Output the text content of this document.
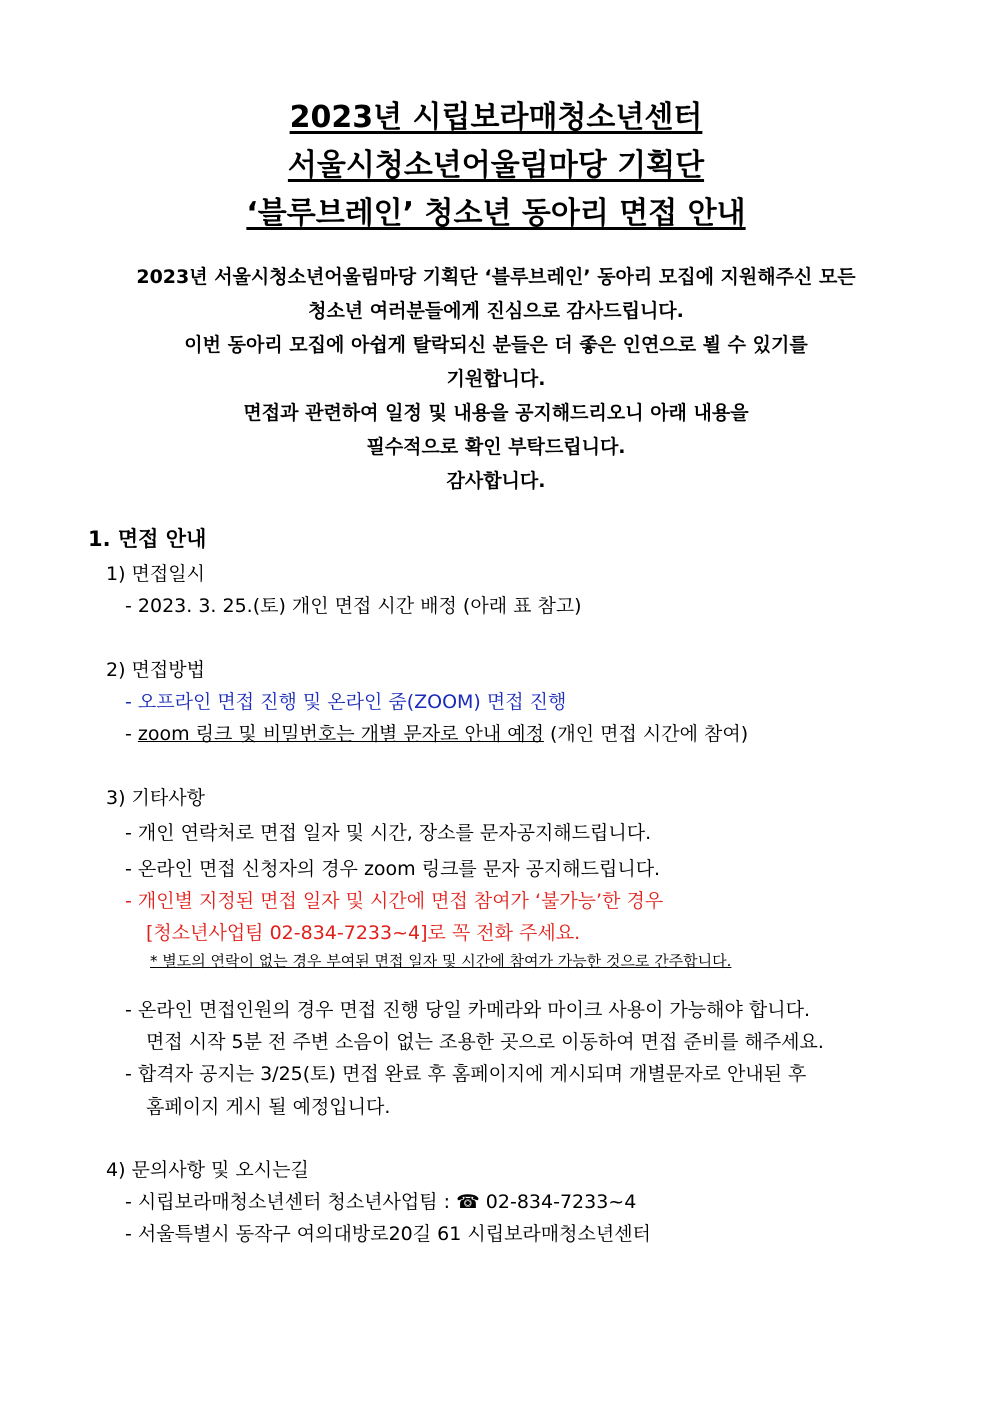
2023년 시립보라매청소년센터
서울시청소년어울림마당 기획단
‘블루브레인’ 청소년 동아리 면접 안내
2023년 서울시청소년어울림마당 기획단 ‘블루브레인’ 동아리 모집에 지원해주신 모든
청소년 여러분들에게 진심으로 감사드립니다.
이번 동아리 모집에 아쉽게 탈락되신 분들은 더 좋은 인연으로 뵐 수 있기를
기원합니다.
면접과 관련하여 일정 및 내용을 공지해드리오니 아래 내용을
필수적으로 확인 부탁드립니다.
감사합니다.
1. 면접 안내
1) 면접일시
- 2023. 3. 25.(토) 개인 면접 시간 배정 (아래 표 참고)
2) 면접방법
- 오프라인 면접 진행 및 온라인 줌(ZOOM) 면접 진행
- zoom 링크 및 비밀번호는 개별 문자로 안내 예정 (개인 면접 시간에 참여)
3) 기타사항
- 개인 연락처로 면접 일자 및 시간, 장소를 문자공지해드립니다.
- 온라인 면접 신청자의 경우 zoom 링크를 문자 공지해드립니다.
- 개인별 지정된 면접 일자 및 시간에 면접 참여가 ‘불가능’한 경우
[청소년사업팀 02-834-7233~4]로 꼭 전화 주세요.
* 별도의 연락이 없는 경우 부여된 면접 일자 및 시간에 참여가 가능한 것으로 간주합니다.
- 온라인 면접인원의 경우 면접 진행 당일 카메라와 마이크 사용이 가능해야 합니다.
면접 시작 5분 전 주변 소음이 없는 조용한 곳으로 이동하여 면접 준비를 해주세요.
- 합격자 공지는 3/25(토) 면접 완료 후 홈페이지에 게시되며 개별문자로 안내된 후
홈페이지 게시 될 예정입니다.
4) 문의사항 및 오시는길
- 시립보라매청소년센터 청소년사업팀 : ☎ 02-834-7233~4
- 서울특별시 동작구 여의대방로20길 61 시립보라매청소년센터
